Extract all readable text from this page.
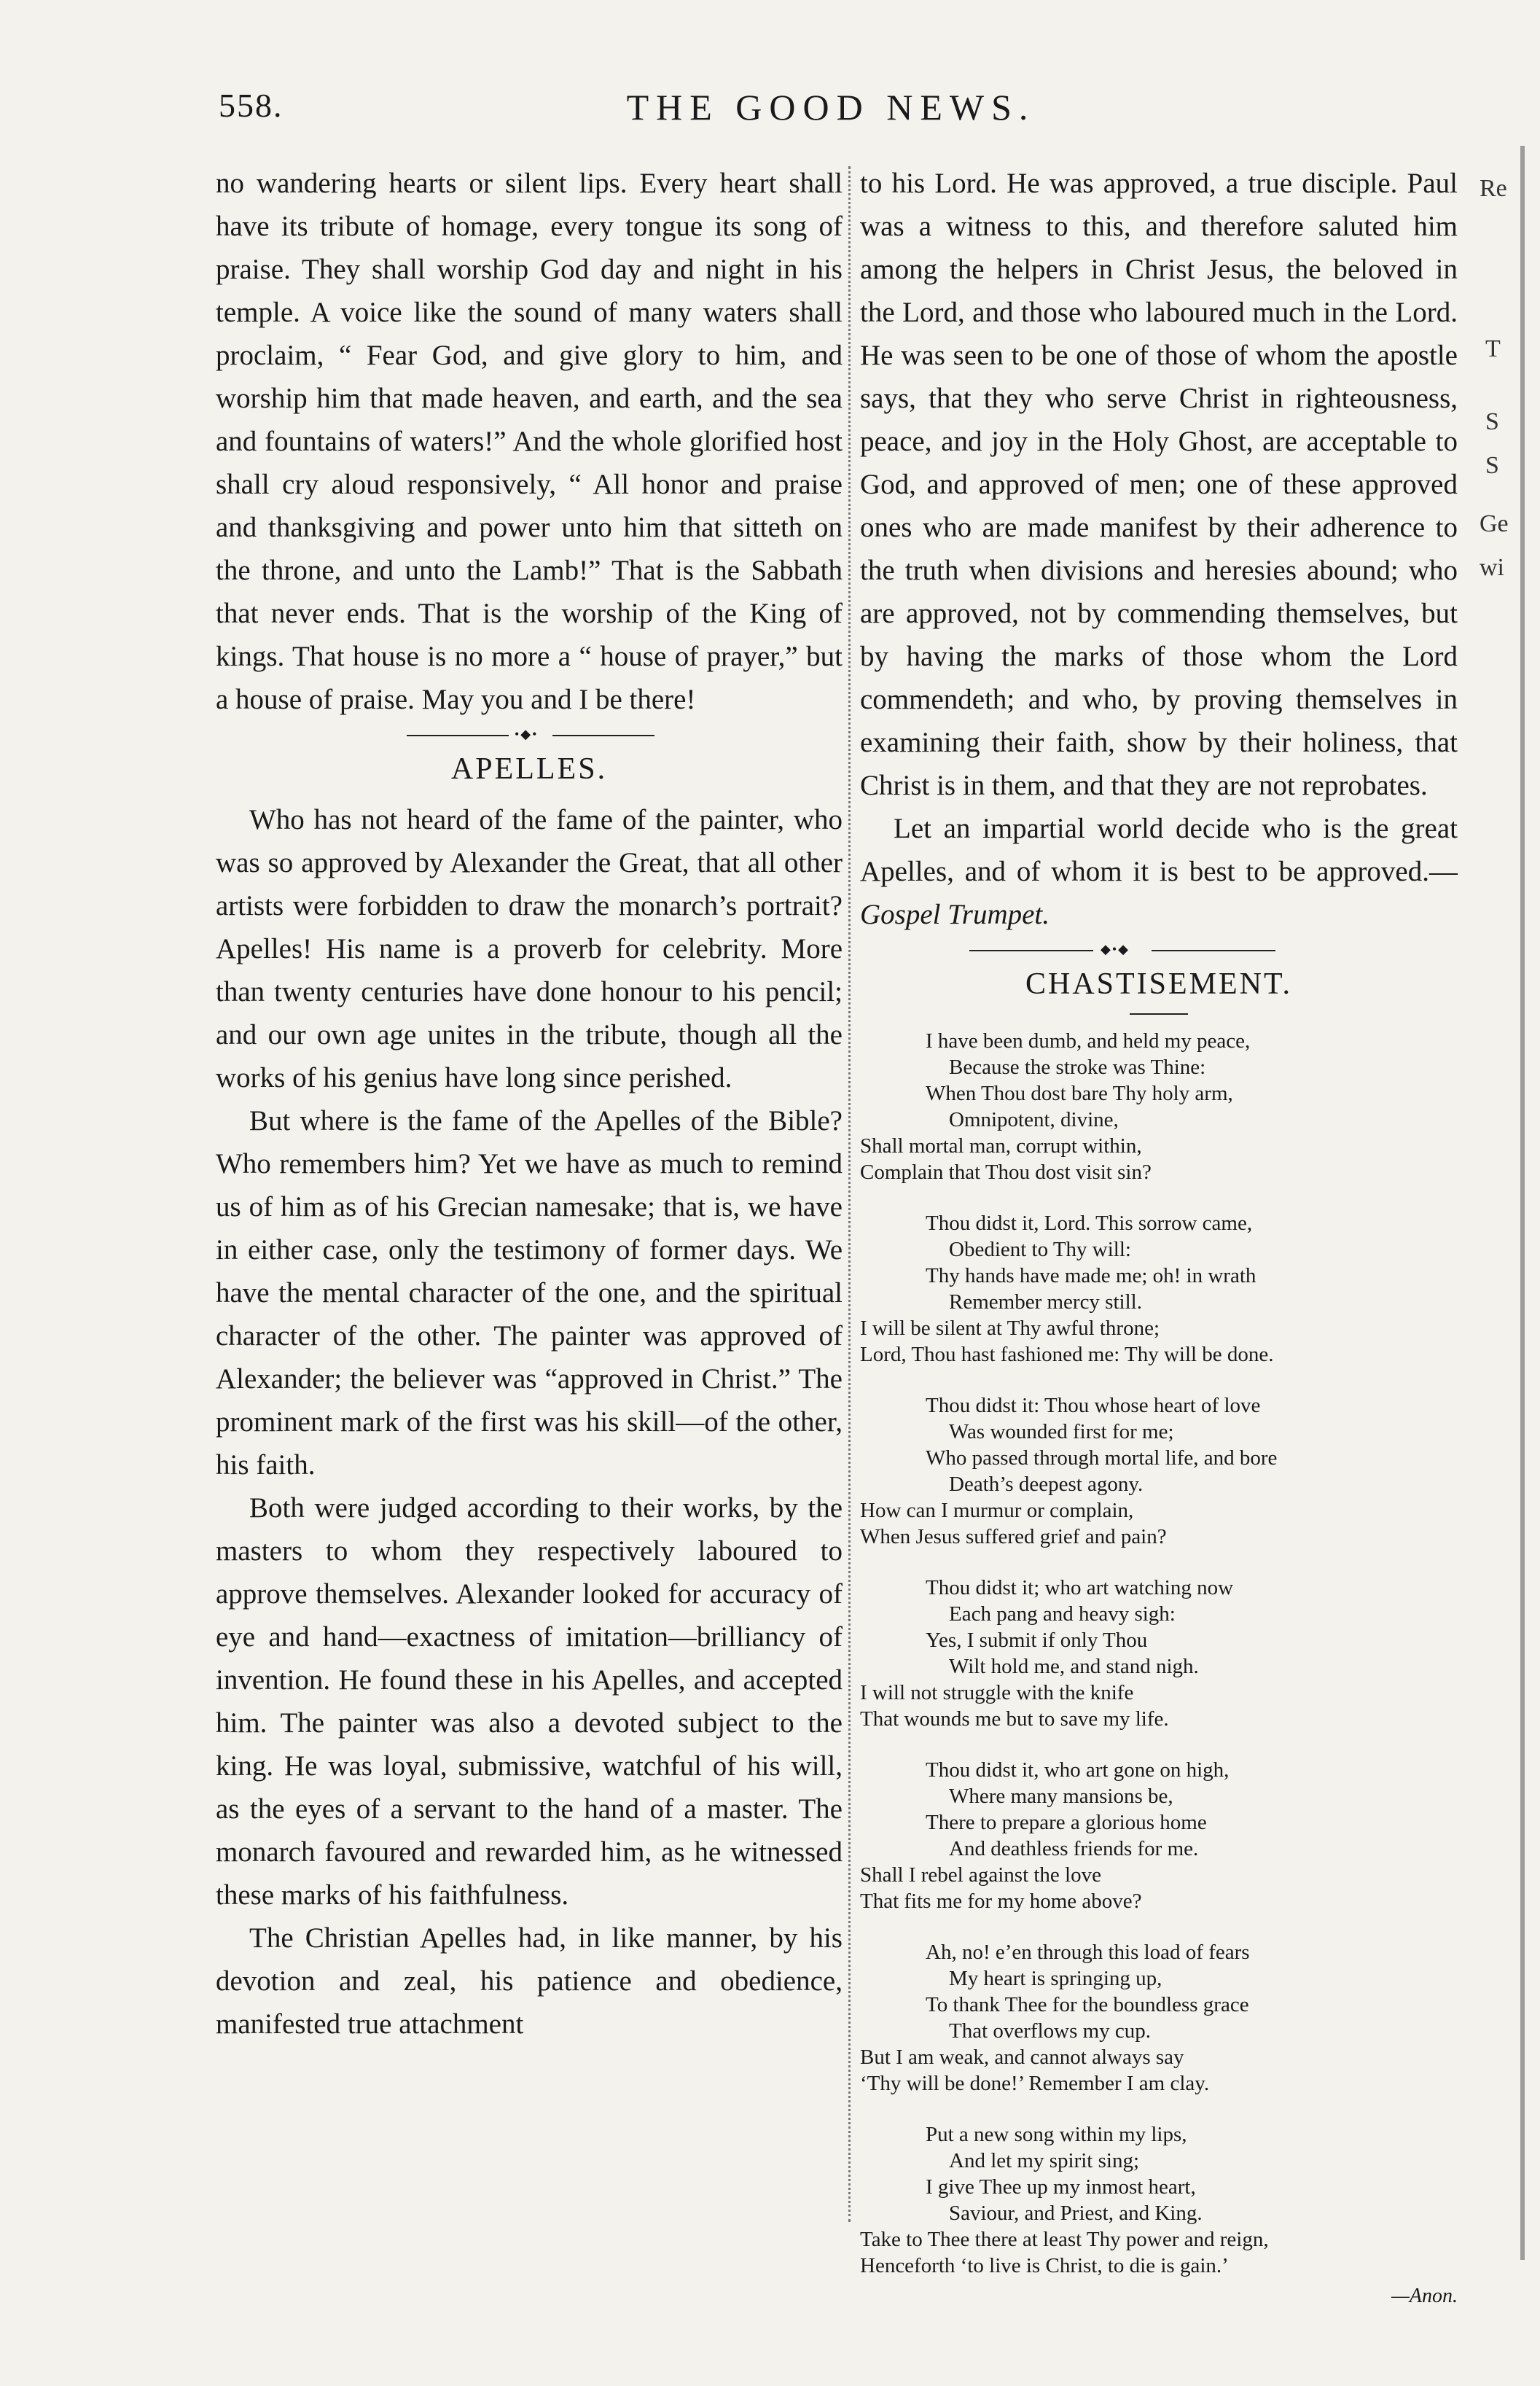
558.	THE GOOD NEWS.

no wandering hearts or silent lips. Every heart shall have its tribute of homage, every tongue its song of praise. They shall worship God day and night in his temple. A voice like the sound of many waters shall proclaim, “ Fear God, and give glory to him, and worship him that made heaven, and earth, and the sea and fountains of waters!” And the whole glorified host shall cry aloud responsively, “ All honor and praise and thanksgiving and power unto him that sitteth on the throne, and unto the Lamb!” That is the Sabbath that never ends. That is the worship of the King of kings. That house is no more a “ house of prayer,” but a house of praise. May you and I be there!

•◆•
APELLES.

Who has not heard of the fame of the painter, who was so approved by Alexander the Great, that all other artists were forbidden to draw the monarch’s portrait? Apelles! His name is a proverb for celebrity. More than twenty centuries have done honour to his pencil; and our own age unites in the tribute, though all the works of his genius have long since perished.

But where is the fame of the Apelles of the Bible? Who remembers him? Yet we have as much to remind us of him as of his Grecian namesake; that is, we have in either case, only the testimony of former days. We have the mental character of the one, and the spiritual character of the other. The painter was approved of Alexander; the believer was “approved in Christ.” The prominent mark of the first was his skill—of the other, his faith.

Both were judged according to their works, by the masters to whom they respectively laboured to approve themselves. Alexander looked for accuracy of eye and hand—exactness of imitation—brilliancy of invention. He found these in his Apelles, and accepted him. The painter was also a devoted subject to the king. He was loyal, submissive, watchful of his will, as the eyes of a servant to the hand of a master. The monarch favoured and rewarded him, as he witnessed these marks of his faithfulness.

The Christian Apelles had, in like manner, by his devotion and zeal, his patience and obedience, manifested true attachment

to his Lord. He was approved, a true disciple. Paul was a witness to this, and therefore saluted him among the helpers in Christ Jesus, the beloved in the Lord, and those who laboured much in the Lord. He was seen to be one of those of whom the apostle says, that they who serve Christ in righteousness, peace, and joy in the Holy Ghost, are acceptable to God, and approved of men; one of these approved ones who are made manifest by their adherence to the truth when divisions and heresies abound; who are approved, not by commending themselves, but by having the marks of those whom the Lord commendeth; and who, by proving themselves in examining their faith, show by their holiness, that Christ is in them, and that they are not reprobates.

Let an impartial world decide who is the great Apelles, and of whom it is best to be approved.—Gospel Trumpet.

◆•◆
CHASTISEMENT.
I have been dumb, and held my peace,
Because the stroke was Thine:
When Thou dost bare Thy holy arm,
Omnipotent, divine,
Shall mortal man, corrupt within,
Complain that Thou dost visit sin?
Thou didst it, Lord. This sorrow came,
Obedient to Thy will:
Thy hands have made me; oh! in wrath
Remember mercy still.
I will be silent at Thy awful throne;
Lord, Thou hast fashioned me: Thy will be done.
Thou didst it: Thou whose heart of love
Was wounded first for me;
Who passed through mortal life, and bore
Death’s deepest agony.
How can I murmur or complain,
When Jesus suffered grief and pain?
Thou didst it; who art watching now
Each pang and heavy sigh:
Yes, I submit if only Thou
Wilt hold me, and stand nigh.
I will not struggle with the knife
That wounds me but to save my life.
Thou didst it, who art gone on high,
Where many mansions be,
There to prepare a glorious home
And deathless friends for me.
Shall I rebel against the love
That fits me for my home above?
Ah, no! e’en through this load of fears
My heart is springing up,
To thank Thee for the boundless grace
That overflows my cup.
But I am weak, and cannot always say
‘Thy will be done!’ Remember I am clay.
Put a new song within my lips,
And let my spirit sing;
I give Thee up my inmost heart,
Saviour, and Priest, and King.
Take to Thee there at least Thy power and reign,
Henceforth ‘to live is Christ, to die is gain.’
—Anon.
Re
T
S
S
Ge
wi
